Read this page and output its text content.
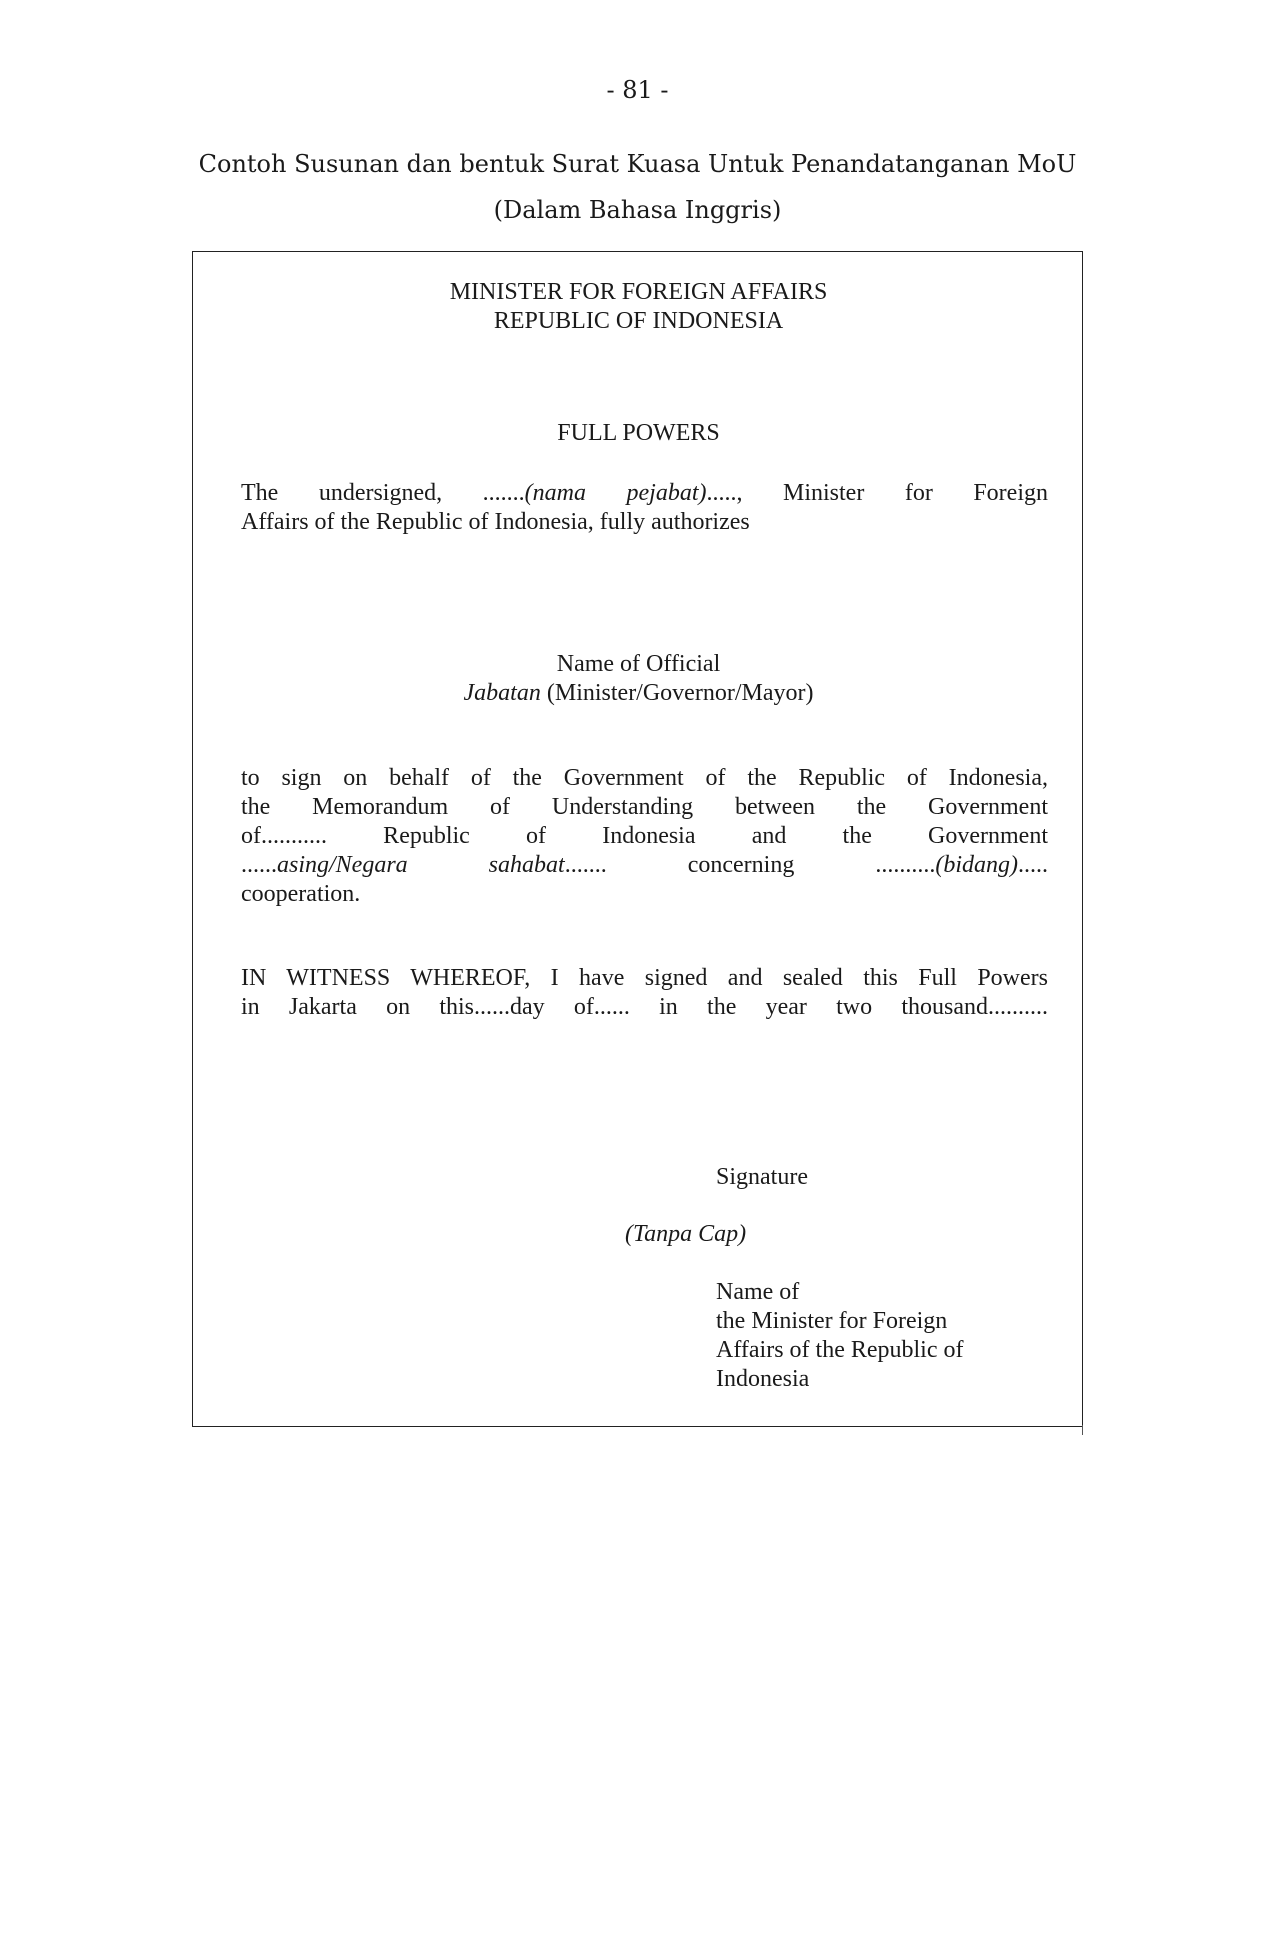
- 81 -
Contoh Susunan dan bentuk Surat Kuasa Untuk Penandatanganan MoU
(Dalam Bahasa Inggris)
MINISTER FOR FOREIGN AFFAIRS
REPUBLIC OF INDONESIA
FULL POWERS
The undersigned, .......(nama pejabat)....., Minister for Foreign
Affairs of the Republic of Indonesia, fully authorizes
Name of Official
Jabatan (Minister/Governor/Mayor)
to sign on behalf of the Government of the Republic of Indonesia,
the Memorandum of Understanding between the Government
of........... Republic of Indonesia and the Government
......asing/Negara sahabat....... concerning ..........(bidang).....
cooperation.
IN WITNESS WHEREOF, I have signed and sealed this Full Powers
in Jakarta on this......day of...... in the year two thousand..........
Signature
(Tanpa Cap)
Name of
the Minister for Foreign
Affairs of the Republic of
Indonesia
